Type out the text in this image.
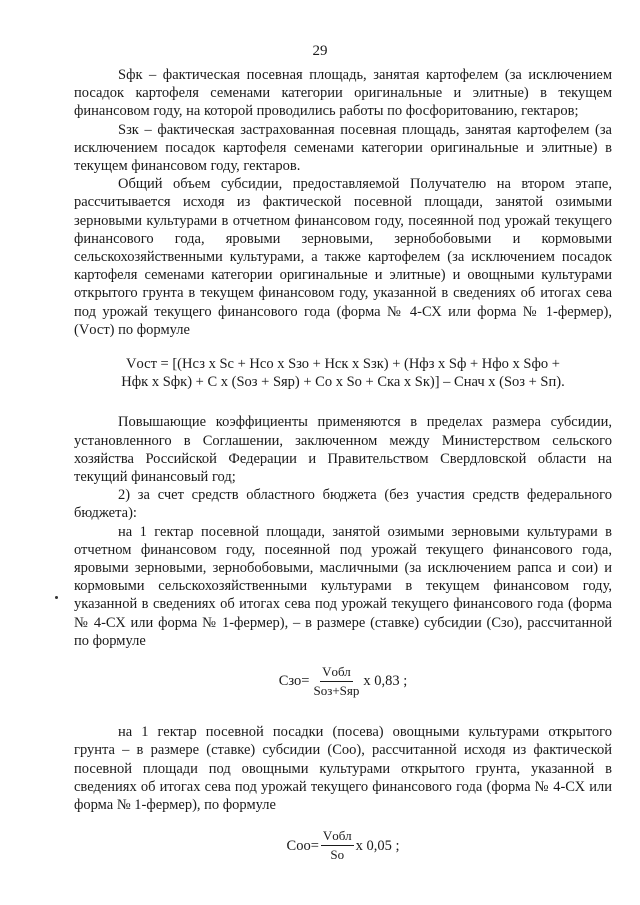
29

Sфк – фактическая посевная площадь, занятая картофелем (за исключением посадок картофеля семенами категории оригинальные и элитные) в текущем финансовом году, на которой проводились работы по фосфоритованию, гектаров;

Sзк – фактическая застрахованная посевная площадь, занятая картофелем (за исключением посадок картофеля семенами категории оригинальные и элитные) в текущем финансовом году, гектаров.

Общий объем субсидии, предоставляемой Получателю на втором этапе, рассчитывается исходя из фактической посевной площади, занятой озимыми зерновыми культурами в отчетном финансовом году, посеянной под урожай текущего финансового года, яровыми зерновыми, зернобобовыми и кормовыми сельскохозяйственными культурами, а также картофелем (за исключением посадок картофеля семенами категории оригинальные и элитные) и овощными культурами открытого грунта в текущем финансовом году, указанной в сведениях об итогах сева под урожай текущего финансового года (форма № 4-СХ или форма № 1-фермер), (Vост) по формуле

Vост = [(Нсз x Sс + Нсо x Sзо + Нск x Sзк) + (Нфз x Sф + Нфо x Sфо +

Нфк x Sфк) + С x (Sоз + Sяр) + Со x Sо + Ска x Sк)] – Снач x (Sоз + Sп).

Повышающие коэффициенты применяются в пределах размера субсидии, установленного в Соглашении, заключенном между Министерством сельского хозяйства Российской Федерации и Правительством Свердловской области на текущий финансовый год;

2) за счет средств областного бюджета (без участия средств федерального бюджета):

на 1 гектар посевной площади, занятой озимыми зерновыми культурами в отчетном финансовом году, посеянной под урожай текущего финансового года, яровыми зерновыми, зернобобовыми, масличными (за исключением рапса и сои) и кормовыми сельскохозяйственными культурами в текущем финансовом году, указанной в сведениях об итогах сева под урожай текущего финансового года (форма № 4-СХ или форма № 1-фермер), – в размере (ставке) субсидии (Сзо), рассчитанной по формуле

$Сзо= \frac{\text{Vобл}}{\text{Sоз+Sяр}}$ x 0,83 ;

на 1 гектар посевной посадки (посева) овощными культурами открытого грунта – в размере (ставке) субсидии (Соо), рассчитанной исходя из фактической посевной площади под овощными культурами открытого грунта, указанной в сведениях об итогах сева под урожай текущего финансового года (форма № 4-СХ или форма № 1-фермер), по формуле

$Соо= \frac{\text{Vобл}}{Sо}$ x 0,05 ;
